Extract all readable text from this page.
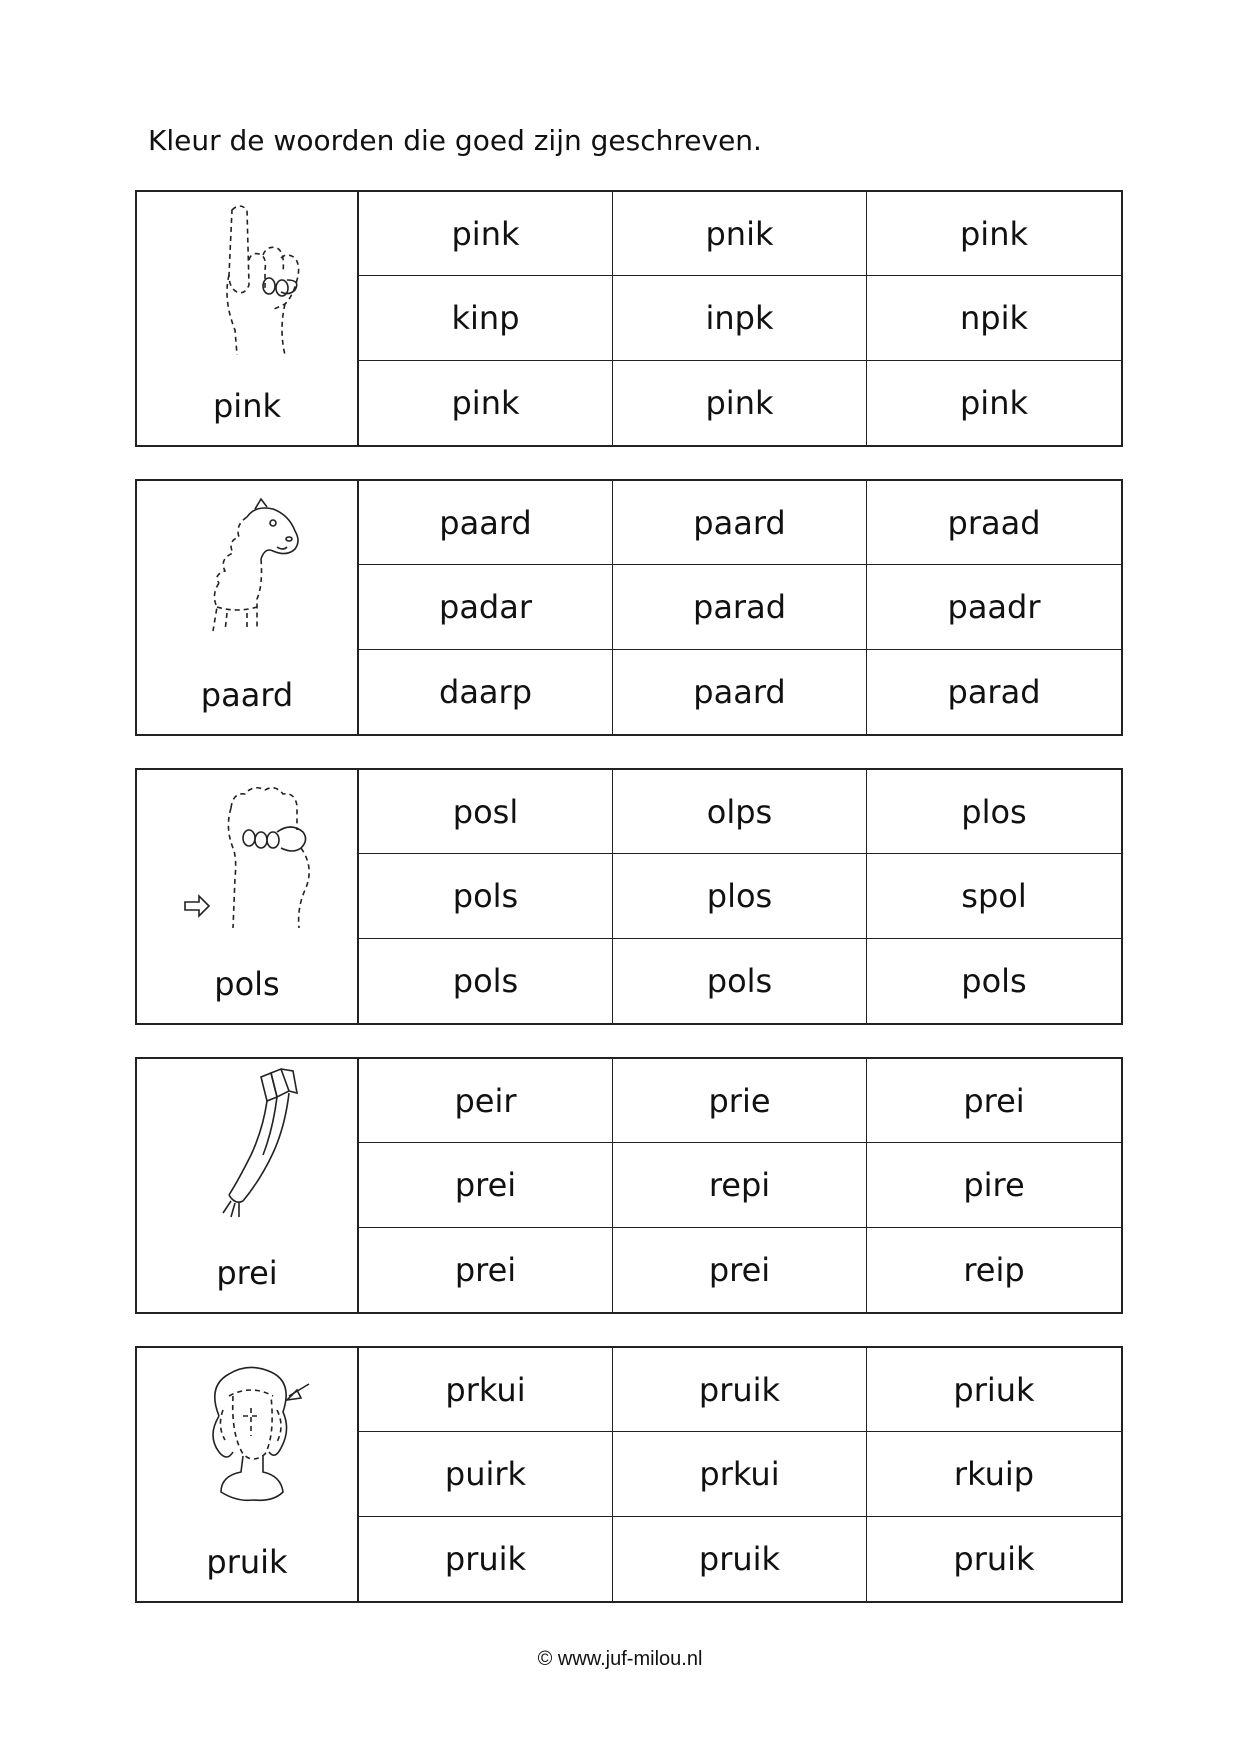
Kleur de woorden die goed zijn geschreven.
pink
pink	pnik	pink
kinp	inpk	npik
pink	pink	pink
paard
paard	paard	praad
padar	parad	paadr
daarp	paard	parad
pols
posl	olps	plos
pols	plos	spol
pols	pols	pols
prei
peir	prie	prei
prei	repi	pire
prei	prei	reip
pruik
prkui	pruik	priuk
puirk	prkui	rkuip
pruik	pruik	pruik
© www.juf-milou.nl
